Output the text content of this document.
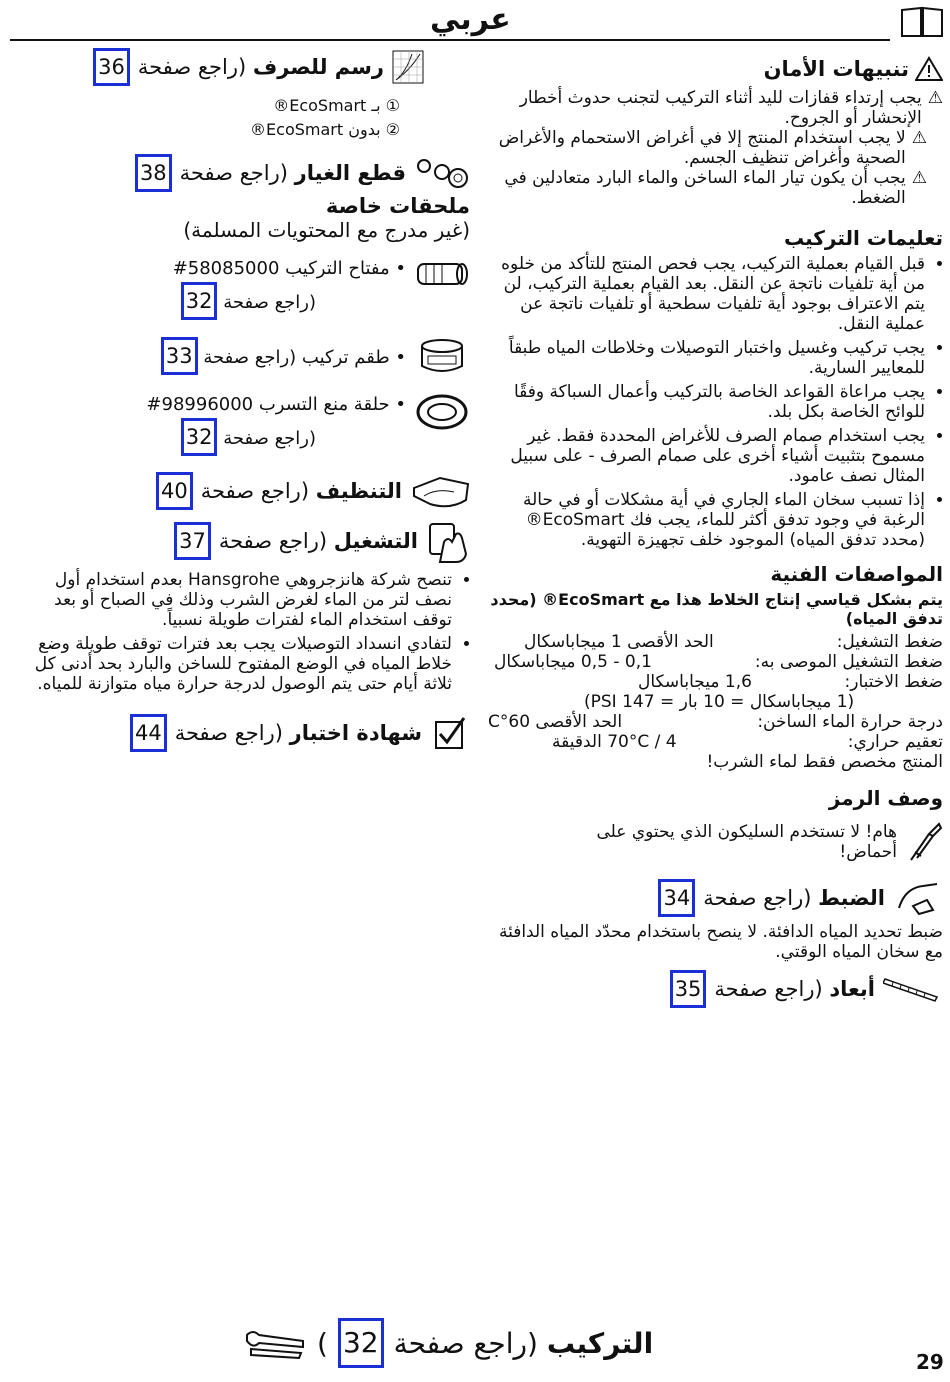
عربي
تنبيهات الأمان
⚠
يجب إرتداء قفازات لليد أثناء التركيب لتجنب حدوث أخطار الإنحشار أو الجروح.
⚠
لا يجب استخدام المنتج إلا في أغراض الاستحمام والأغراض الصحية وأغراض تنظيف الجسم.
⚠
يجب أن يكون تيار الماء الساخن والماء البارد متعادلين في الضغط.
تعليمات التركيب
• قبل القيام بعملية التركيب، يجب فحص المنتج للتأكد من خلوه من أية تلفيات ناتجة عن النقل. بعد القيام بعملية التركيب، لن يتم الاعتراف بوجود أية تلفيات سطحية أو تلفيات ناتجة عن عملية النقل.
• يجب تركيب وغسيل واختبار التوصيلات وخلاطات المياه طبقاً للمعايير السارية.
• يجب مراعاة القواعد الخاصة بالتركيب وأعمال السباكة وفقًا للوائح الخاصة بكل بلد.
• يجب استخدام صمام الصرف للأغراض المحددة فقط. غير مسموح بتثبيت أشياء أخرى على صمام الصرف - على سبيل المثال نصف عامود.
• إذا تسبب سخان الماء الجاري في أية مشكلات أو في حالة الرغبة في وجود تدفق أكثر للماء، يجب فك EcoSmart® (محدد تدفق المياه) الموجود خلف تجهيزة التهوية.
المواصفات الفنية
يتم بشكل قياسي إنتاج الخلاط هذا مع EcoSmart® (محدد تدفق المياه)
ضغط التشغيل:
الحد الأقصى 1 ميجاباسكال
ضغط التشغيل الموصى به:
0,1 - 0,5 ميجاباسكال
ضغط الاختبار:
1,6 ميجاباسكال
(1 ميجاباسكال = 10 بار = 147 PSI)
درجة حرارة الماء الساخن:
الحد الأقصى 60°C
تعقيم حراري:
70°C / 4 الدقيقة
المنتج مخصص فقط لماء الشرب!
وصف الرمز
هام! لا تستخدم السليكون الذي يحتوي على أحماض!
الضبط (راجع صفحة
34
ضبط تحديد المياه الدافئة. لا ينصح باستخدام محدّد المياه الدافئة مع سخان المياه الوقتي.
أبعاد (راجع صفحة
35
رسم للصرف (راجع صفحة
36
① بـ EcoSmart®
② بدون EcoSmart®
قطع الغيار (راجع صفحة
38
ملحقات خاصة
(غير مدرج مع المحتويات المسلمة)
• مفتاح التركيب 58085000#
(راجع صفحة 32
• طقم تركيب (راجع صفحة 33
• حلقة منع التسرب 98996000#
(راجع صفحة 32
التنظيف (راجع صفحة
40
التشغيل (راجع صفحة
37
• تنصح شركة هانزجروهي Hansgrohe بعدم استخدام أول نصف لتر من الماء لغرض الشرب وذلك في الصباح أو بعد توقف استخدام الماء لفترات طويلة نسبياً.
• لتفادي انسداد التوصيلات يجب بعد فترات توقف طويلة وضع خلاط المياه في الوضع المفتوح للساخن والبارد بحد أدنى كل ثلاثة أيام حتى يتم الوصول لدرجة حرارة مياه متوازنة للمياه.
شهادة اختبار (راجع صفحة
44
التركيب (راجع صفحة
32
)
29
